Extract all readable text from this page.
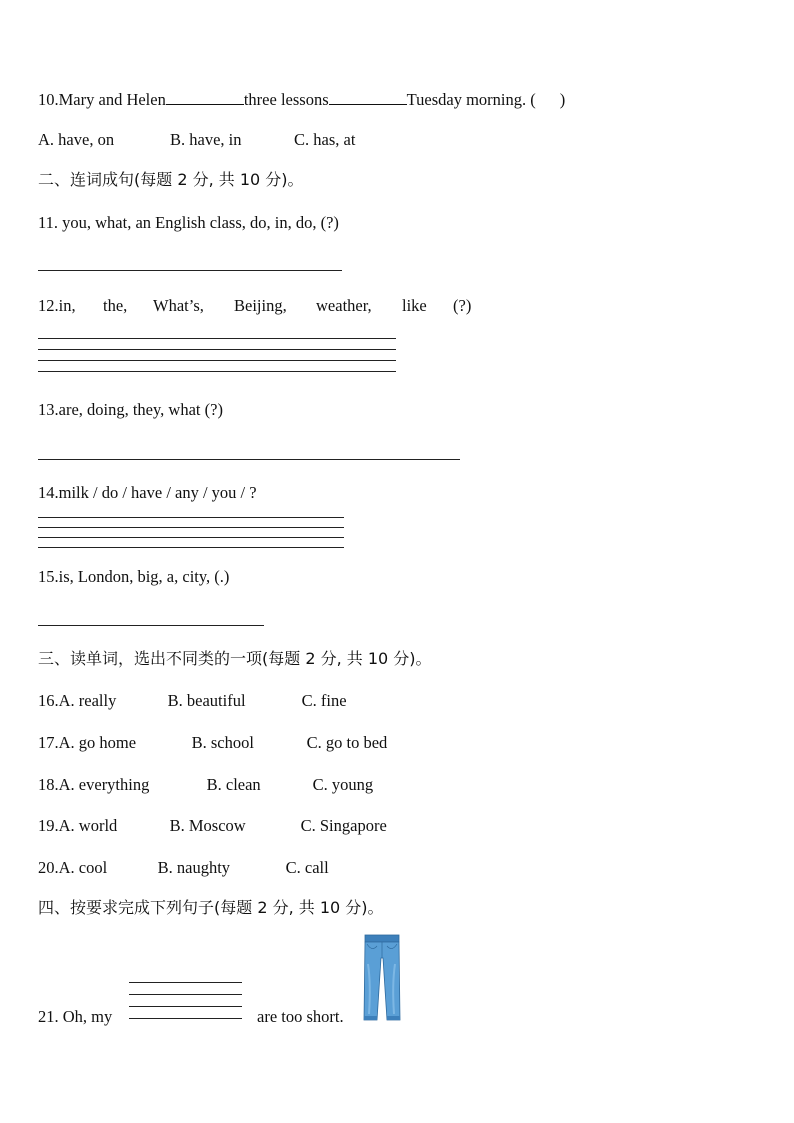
10.Mary and Helen	three lessons	Tuesday morning. ( )
A. have, on	B. have, in	C. has, at
二、连词成句(每题 2 分, 共 10 分)。
11. you, what, an English class, do, in, do, (?)
12.in, the, What’s, Beijing, weather, like (?)
13.are, doing, they, what (?)
14.milk / do / have / any / you / ?
15.is, London, big, a, city, (.)
三、读单词，选出不同类的一项(每题 2 分, 共 10 分)。
16.A. really	B. beautiful	C. fine
17.A. go home	B. school	C. go to bed
18.A. everything	B. clean	C. young
19.A. world	B. Moscow	C. Singapore
20.A. cool	B. naughty	C. call
四、按要求完成下列句子(每题 2 分, 共 10 分)。
21. Oh, my	are too short.
